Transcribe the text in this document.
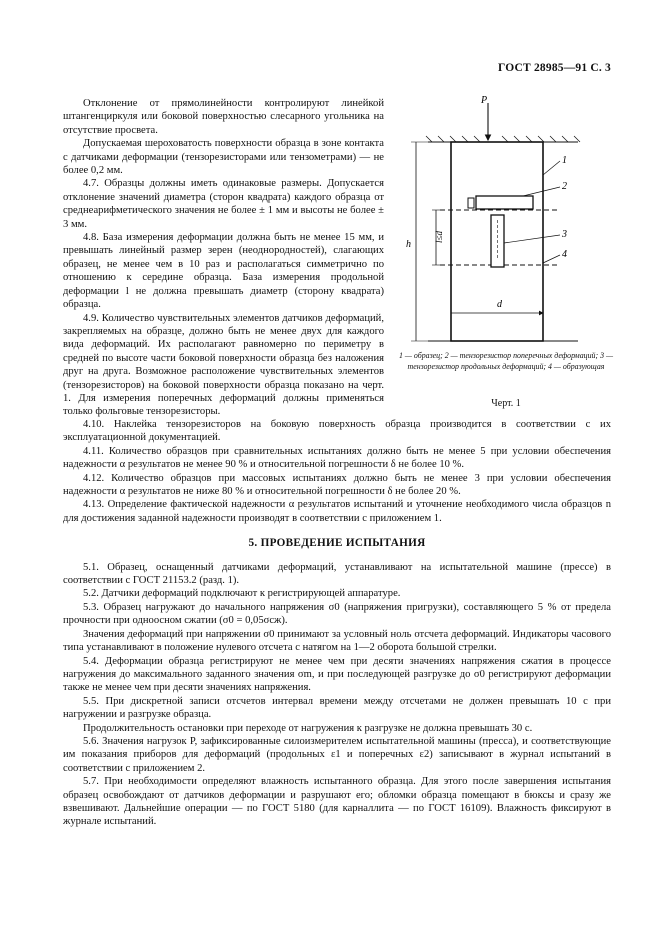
ГОСТ 28985—91 С. 3

Отклонение от прямолинейности контролируют линейкой штангенциркуля или боковой поверхностью слесарного угольника на отсутствие просвета.

Допускаемая шероховатость поверхности образца в зоне контакта с датчиками деформации (тензорезисторами или тензометрами) — не более 0,2 мм.

4.7. Образцы должны иметь одинаковые размеры. Допускается отклонение значений диаметра (сторон квадрата) каждого образца от среднеарифметического значения не более ± 1 мм и высоты не более ± 3 мм.

4.8. База измерения деформации должна быть не менее 15 мм, и превышать линейный размер зерен (неоднородностей), слагающих образец, не менее чем в 10 раз и располагаться симметрично по отношению к середине образца. База измерения продольной деформации l не должна превышать диаметр (сторону квадрата) образца.

4.9. Количество чувствительных элементов датчиков деформаций, закрепляемых на образце, должно быть не менее двух для каждого вида деформаций. Их располагают равномерно по периметру в средней по высоте части боковой поверхности образца без наложения друг на друга. Возможное расположение чувствительных элементов (тензорезисторов) на боковой поверхности образца показано на черт. 1. Для измерения поперечных деформаций должны применяться только фольговые тензорезисторы.

P
h
l≤d
d
1
2
3
4
1 — образец; 2 — тензорезистор поперечных деформаций; 3 — тензорезистор продольных деформаций; 4 — образующая
Черт. 1

4.10. Наклейка тензорезисторов на боковую поверхность образца производится в соответствии с их эксплуатационной документацией.

4.11. Количество образцов при сравнительных испытаниях должно быть не менее 5 при условии обеспечения надежности α результатов не менее 90 % и относительной погрешности δ не более 10 %.

4.12. Количество образцов при массовых испытаниях должно быть не менее 3 при условии обеспечения надежности α результатов не ниже 80 % и относительной погрешности δ не более 20 %.

4.13. Определение фактической надежности α результатов испытаний и уточнение необходимого числа образцов n для достижения заданной надежности производят в соответствии с приложением 1.

5. ПРОВЕДЕНИЕ ИСПЫТАНИЯ

5.1. Образец, оснащенный датчиками деформаций, устанавливают на испытательной машине (прессе) в соответствии с ГОСТ 21153.2 (разд. 1).

5.2. Датчики деформаций подключают к регистрирующей аппаратуре.

5.3. Образец нагружают до начального напряжения σ0 (напряжения пригрузки), составляющего 5 % от предела прочности при одноосном сжатии (σ0 = 0,05σсж).

Значения деформаций при напряжении σ0 принимают за условный ноль отсчета деформаций. Индикаторы часового типа устанавливают в положение нулевого отсчета с натягом на 1—2 оборота большой стрелки.

5.4. Деформации образца регистрируют не менее чем при десяти значениях напряжения сжатия в процессе нагружения до максимального заданного значения σm, и при последующей разгрузке до σ0 регистрируют деформации также не менее чем при десяти значениях напряжения.

5.5. При дискретной записи отсчетов интервал времени между отсчетами не должен превышать 10 с при нагружении и разгрузке образца.

Продолжительность остановки при переходе от нагружения к разгрузке не должна превышать 30 с.

5.6. Значения нагрузок P, зафиксированные силоизмерителем испытательной машины (пресса), и соответствующие им показания приборов для деформаций (продольных ε1 и поперечных ε2) записывают в журнал испытаний в соответствии с приложением 2.

5.7. При необходимости определяют влажность испытанного образца. Для этого после завершения испытания образец освобождают от датчиков деформации и разрушают его; обломки образца помещают в бюксы и сразу же взвешивают. Дальнейшие операции — по ГОСТ 5180 (для карналлита — по ГОСТ 16109). Влажность фиксируют в журнале испытаний.
